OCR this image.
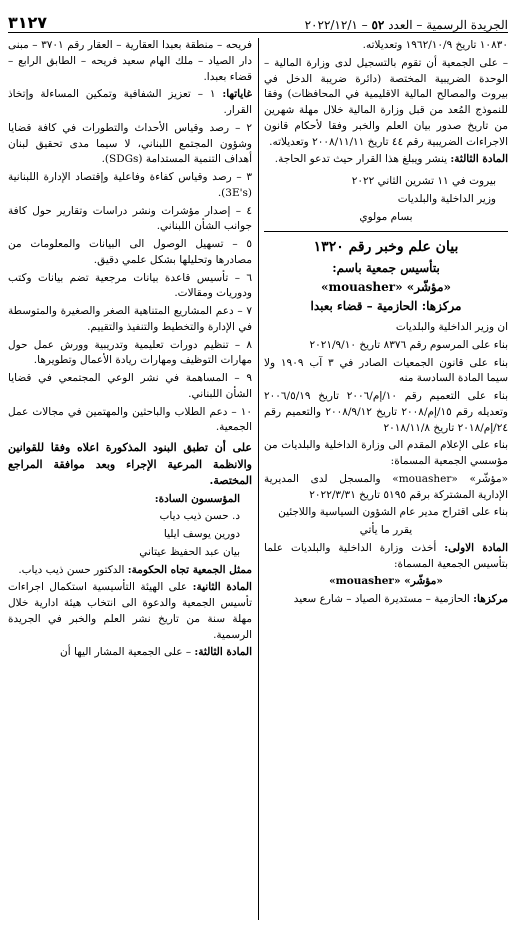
الجريدة الرسمية – العدد ٥٢ – ٢٠٢٢/١٢/١
٣١٢٧

١٠٨٣٠ تاريخ ١٩٦٢/١٠/٩ وتعديلاته.

– على الجمعية أن تقوم بالتسجيل لدى وزارة المالية – الوحدة الضريبية المختصة (دائرة ضريبة الدخل في بيروت والمصالح المالية الاقليمية في المحافظات) وفقا للنموذج المُعد من قبل وزارة المالية خلال مهلة شهرين من تاريخ صدور بيان العلم والخبر وفقا لأحكام قانون الاجراءات الضريبية رقم ٤٤ تاريخ ٢٠٠٨/١١/١١ وتعديلاته.

المادة الثالثة: ينشر ويبلغ هذا القرار حيث تدعو الحاجة.

بيروت في ١١ تشرين الثاني ٢٠٢٢

وزير الداخلية والبلديات

بسام مولوي

بيان علم وخبر رقم ١٣٢٠
بتأسيس جمعية باسم:
«مؤشّر» «mouasher»
مركزها: الحازمية – قضاء بعبدا

ان وزير الداخلية والبلديات

بناء على المرسوم رقم ٨٣٧٦ تاريخ ٢٠٢١/٩/١٠

بناء على قانون الجمعيات الصادر في ٣ آب ١٩٠٩ ولا سيما المادة السادسة منه

بناء على التعميم رقم ١٠/إم/٢٠٠٦ تاريخ ٢٠٠٦/٥/١٩ وتعديله رقم ١٥/إم/٢٠٠٨ تاريخ ٢٠٠٨/٩/١٢ والتعميم رقم ٢٤/إم/٢٠١٨ تاريخ ٢٠١٨/١١/٨

بناء على الإعلام المقدم الى وزارة الداخلية والبلديات من مؤسسي الجمعية المسماة:

«مؤشّر» «mouasher» والمسجل لدى المديرية الإدارية المشتركة برقم ٥١٩٥ تاريخ ٢٠٢٢/٣/٣١

بناء على اقتراح مدير عام الشؤون السياسية واللاجئين

يقرر ما يأتي

المادة الاولى: أخذت وزارة الداخلية والبلديات علما بتأسيس الجمعية المسماة:

«مؤشّر» «mouasher»

مركزها: الحازمية – مستديرة الصياد – شارع سعيد

فريحه – منطقة بعبدا العقارية – العقار رقم ٣٧٠١ – مبنى دار الصياد – ملك الهام سعيد فريحه – الطابق الرابع – قضاء بعبدا.

غاياتها: ١ – تعزيز الشفافية وتمكين المساءلة وإتخاذ القرار.

٢ – رصد وقياس الأحداث والتطورات في كافة قضايا وشؤون المجتمع اللبناني، لا سيما مدى تحقيق لبنان أهداف التنمية المستدامة (SDGs).

٣ – رصد وقياس كفاءة وفاعلية وإقتصاد الإدارة اللبنانية (3E's).

٤ – إصدار مؤشرات ونشر دراسات وتقارير حول كافة جوانب الشأن اللبناني.

٥ – تسهيل الوصول الى البيانات والمعلومات من مصادرها وتحليلها بشكل علمي دقيق.

٦ – تأسيس قاعدة بيانات مرجعية تضم بيانات وكتب ودوريات ومقالات.

٧ – دعم المشاريع المتناهية الصغر والصغيرة والمتوسطة في الإدارة والتخطيط والتنفيذ والتقييم.

٨ – تنظيم دورات تعليمية وتدريبية وورش عمل حول مهارات التوظيف ومهارات ريادة الأعمال وتطويرها.

٩ – المساهمة في نشر الوعي المجتمعي في قضايا الشأن اللبناني.

١٠ – دعم الطلاب والباحثين والمهتمين في مجالات عمل الجمعية.

على أن تطبق البنود المذكورة اعلاه وفقا للقوانين والانظمة المرعية الإجراء وبعد موافقة المراجع المختصة.

المؤسسون السادة:

د. حسن ذيب دياب

دورين يوسف ايليا

بيان عبد الحفيظ عيتاني

ممثل الجمعية تجاه الحكومة: الدكتور حسن ذيب دياب.

المادة الثانية: على الهيئة التأسيسية استكمال اجراءات تأسيس الجمعية والدعوة الى انتخاب هيئة ادارية خلال مهلة سنة من تاريخ نشر العلم والخبر في الجريدة الرسمية.

المادة الثالثة: – على الجمعية المشار اليها أن
